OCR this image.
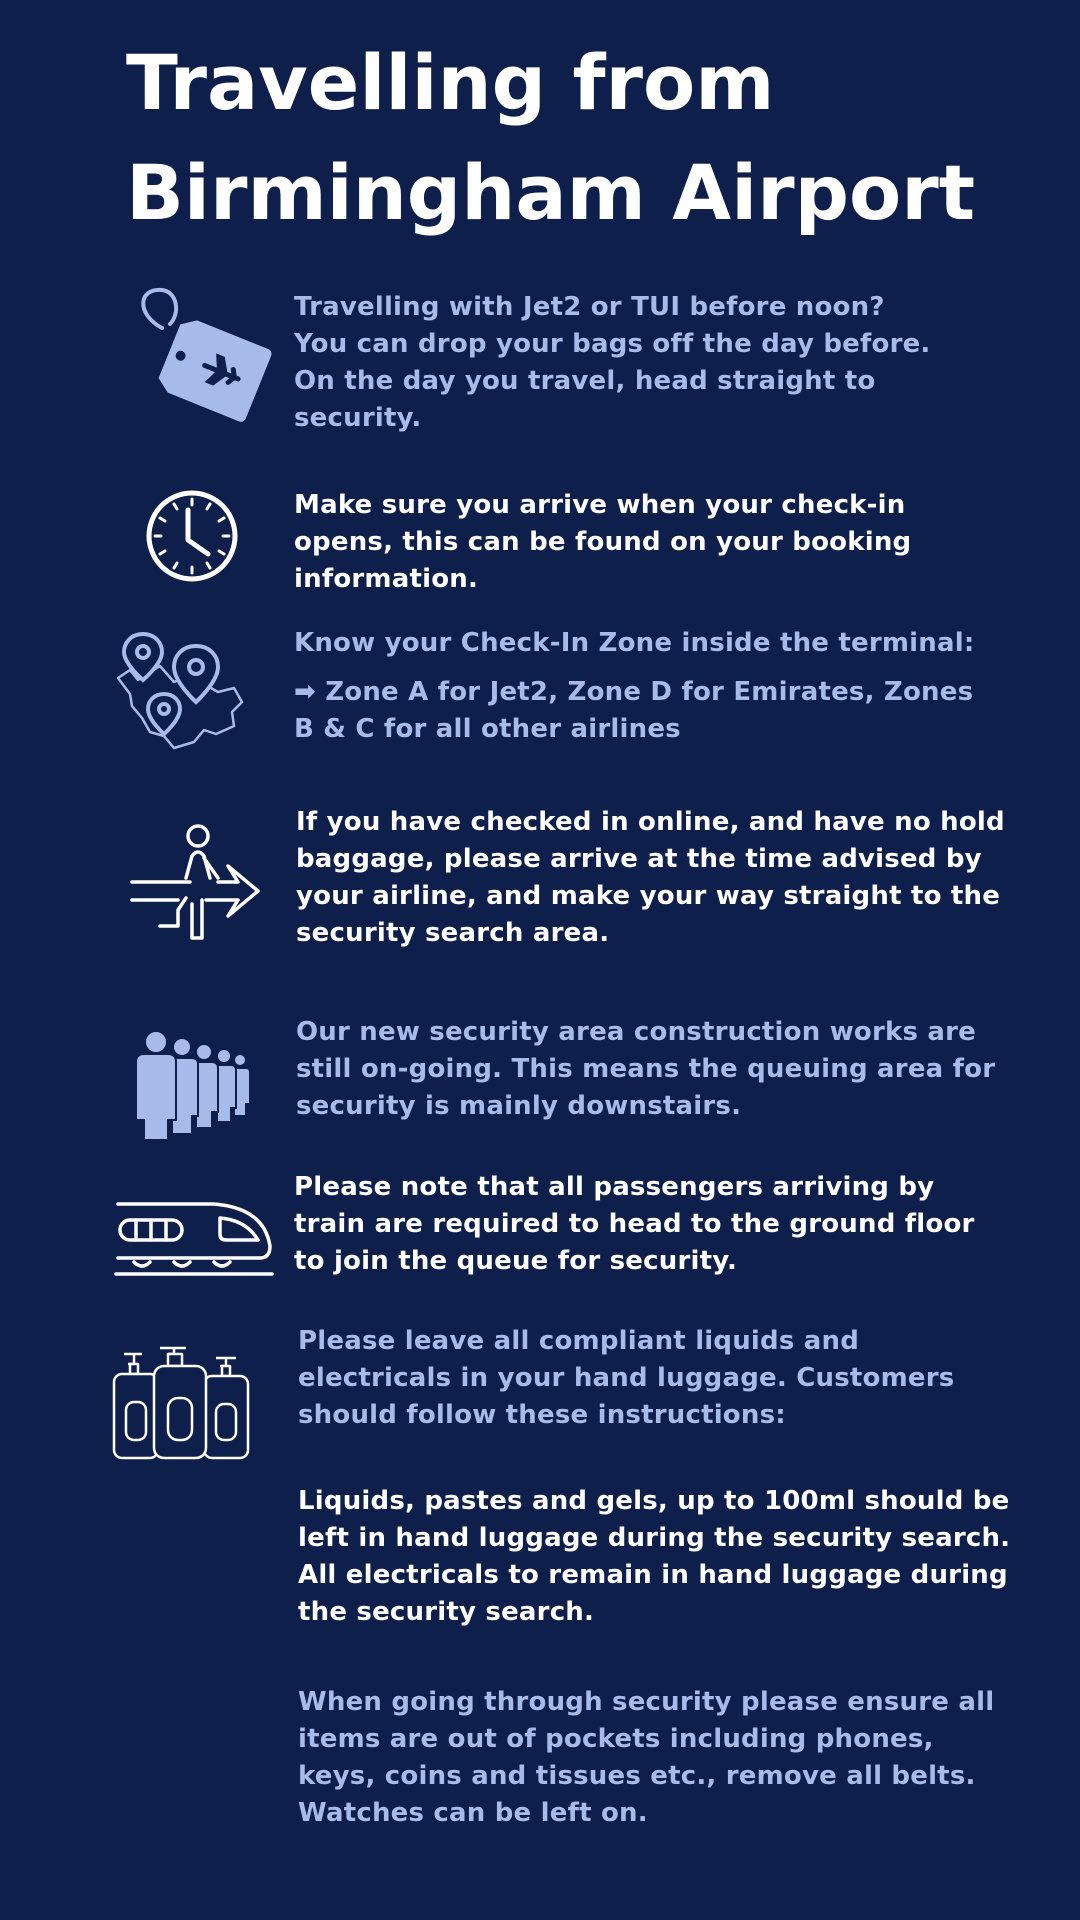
Travelling from
Birmingham Airport

Travelling with Jet2 or TUI before noon?
You can drop your bags off the day before.
On the day you travel, head straight to
security.

Make sure you arrive when your check-in
opens, this can be found on your booking
information.

Know your Check-In Zone inside the terminal:
➡ Zone A for Jet2, Zone D for Emirates, Zones
B & C for all other airlines

If you have checked in online, and have no hold
baggage, please arrive at the time advised by
your airline, and make your way straight to the
security search area.

Our new security area construction works are
still on-going. This means the queuing area for
security is mainly downstairs.

Please note that all passengers arriving by
train are required to head to the ground floor
to join the queue for security.

Please leave all compliant liquids and
electricals in your hand luggage. Customers
should follow these instructions:

Liquids, pastes and gels, up to 100ml should be
left in hand luggage during the security search.
All electricals to remain in hand luggage during
the security search.

When going through security please ensure all
items are out of pockets including phones,
keys, coins and tissues etc., remove all belts.
Watches can be left on.
